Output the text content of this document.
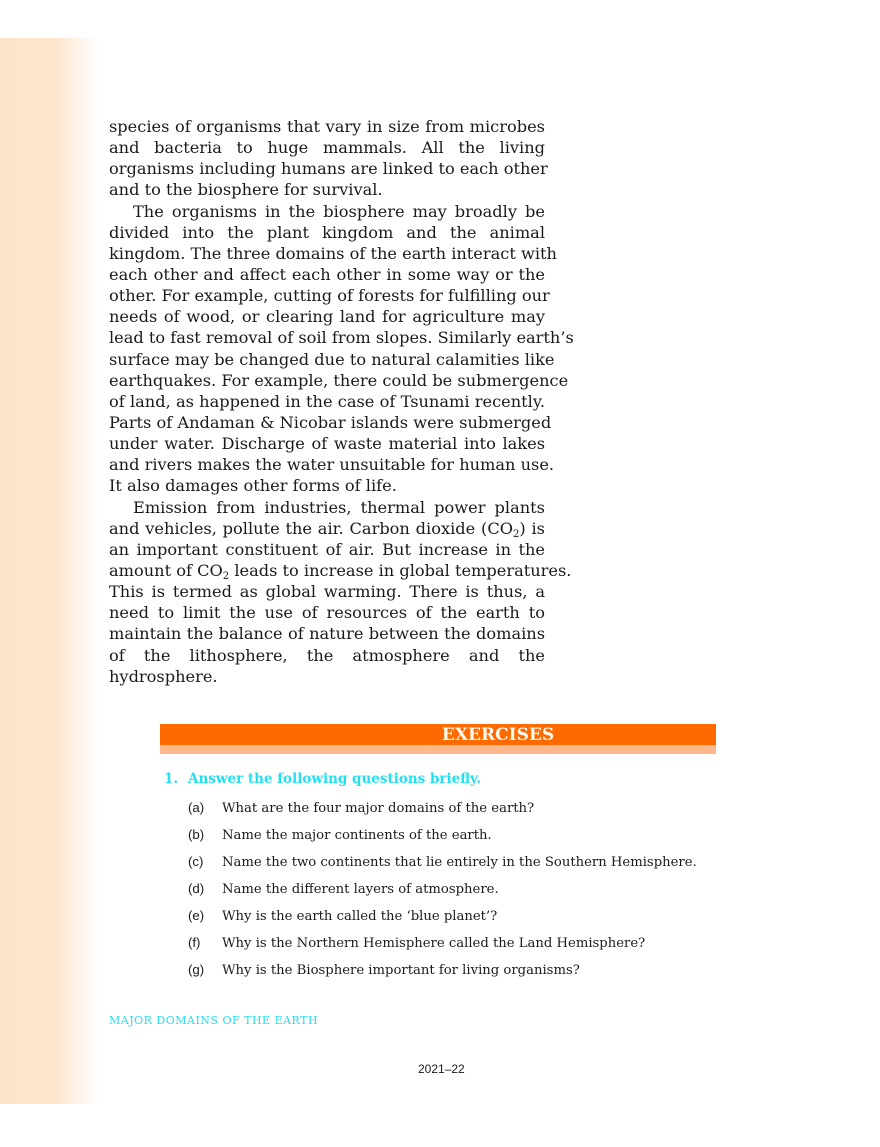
species of organisms that vary in size from microbes
and bacteria to huge mammals. All the living
organisms including humans are linked to each other
and to the biosphere for survival.
The organisms in the biosphere may broadly be
divided into the plant kingdom and the animal
kingdom. The three domains of the earth interact with
each other and affect each other in some way or the
other. For example, cutting of forests for fulfilling our
needs of wood, or clearing land for agriculture may
lead to fast removal of soil from slopes. Similarly earth’s
surface may be changed due to natural calamities like
earthquakes. For example, there could be submergence
of land, as happened in the case of Tsunami recently.
Parts of Andaman & Nicobar islands were submerged
under water. Discharge of waste material into lakes
and rivers makes the water unsuitable for human use.
It also damages other forms of life.
Emission from industries, thermal power plants
and vehicles, pollute the air. Carbon dioxide $(CO_2)$ is
an important constituent of air. But increase in the
amount of $CO_2$ leads to increase in global temperatures.
This is termed as global warming. There is thus, a
need to limit the use of resources of the earth to
maintain the balance of nature between the domains
of the lithosphere, the atmosphere and the
hydrosphere.
EXERCISES
1. Answer the following questions briefly.
(a) What are the four major domains of the earth?
(b) Name the major continents of the earth.
(c) Name the two continents that lie entirely in the Southern Hemisphere.
(d) Name the different layers of atmosphere.
(e) Why is the earth called the ‘blue planet’?
(f) Why is the Northern Hemisphere called the Land Hemisphere?
(g) Why is the Biosphere important for living organisms?
MAJOR DOMAINS OF THE EARTH
2021–22
